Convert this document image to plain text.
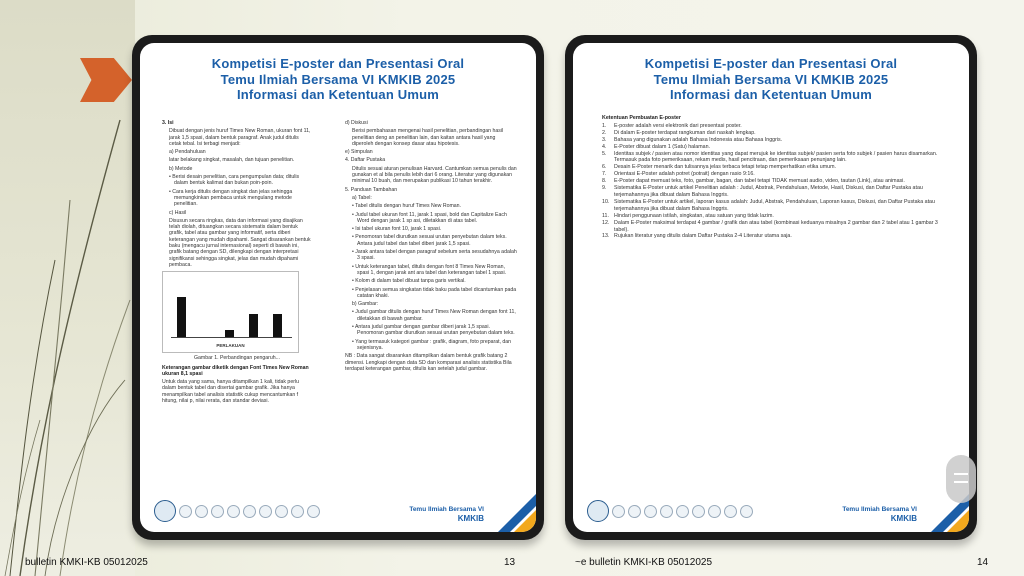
Kompetisi E-poster dan Presentasi Oral
Temu Ilmiah Bersama VI KMKIB 2025
Informasi dan Ketentuan Umum

3. Isi

Dibuat dengan jenis huruf Times New Roman, ukuran font 11, jarak 1,5 spasi, dalam bentuk paragraf. Anak judul ditulis cetak tebal. Isi terbagi menjadi:

a) Pendahuluan

latar belakang singkat, masalah, dan tujuan penelitian.

b) Metode

• Berisi desain penelitian, cara pengumpulan data; ditulis dalam bentuk kalimat dan bukan poin-poin.

• Cara kerja ditulis dengan singkat dan jelas sehingga memungkinkan pembaca untuk mengulang metode penelitian.

c) Hasil

Disusun secara ringkas, data dan informasi yang disajikan telah diolah, dituangkan secara sistematis dalam bentuk grafik, tabel atau gambar yang informatif, serta diberi keterangan yang mudah dipahami. Sangat disarankan bentuk baku (mengacu jurnal internasional) seperti di bawah ini, grafik batang dengan SD, dilengkapi dengan interpretasi signifikansi sehingga singkat, jelas dan mudah dipahami pembaca.

PERLAKUAN
Gambar 1. Perbandingan pengaruh...

Keterangan gambar diketik dengan Font Times New Roman ukuran 8,1 spasi

Untuk data yang sama, hanya ditampilkan 1 kali, tidak perlu dalam bentuk tabel dan disertai gambar grafik. Jika hanya menampilkan tabel analisis statistik cukup mencantumkan f hitung, nilai p, nilai rerata, dan standar deviasi.

d) Diskusi

Berisi pembahasan mengenai hasil penelitian, perbandingan hasil penelitian deng an penelitian lain, dan kaitan antara hasil yang diperoleh dengan konsep dasar atau hipotesis.

e) Simpulan

4. Daftar Pustaka

Ditulis sesuai aturan penulisan Harvard. Cantumkan semua penulis dan gunakan et al bila penulis lebih dari 6 orang. Literatur yang digunakan minimal 10 buah, dan merupakan publikasi 10 tahun terakhir.

5. Panduan Tambahan

a) Tabel:

• Tabel ditulis dengan huruf Times New Roman.

• Judul tabel ukuran font 11, jarak 1 spasi, bold dan Capitalize Each Word dengan jarak 1 sp asi, diletakkan di atas tabel.

• Isi tabel ukuran font 10, jarak 1 spasi.

• Penomoran tabel diurutkan sesuai urutan penyebutan dalam teks. Antara judul tabel dan tabel diberi jarak 1,5 spasi.

• Jarak antara tabel dengan paragraf sebelum serta sesudahnya adalah 3 spasi.

• Untuk keterangan tabel, ditulis dengan font 8 Times New Roman, spasi 1, dengan jarak ant ara tabel dan keterangan tabel 1 spasi.

• Kolom di dalam tabel dibuat tanpa garis vertikal.

• Penjelasan semua singkatan tidak baku pada tabel dicantumkan pada catatan khaki.

b) Gambar:

• Judul gambar ditulis dengan huruf Times New Roman dengan font 11, diletakkan di bawah gambar.

• Antara judul gambar dengan gambar diberi jarak 1,5 spasi. Penomoran gambar diurutkan sesuai urutan penyebutan dalam teks.

• Yang termasuk kategori gambar : grafik, diagram, foto preparat, dan sejenisnya.

NB : Data sangat disarankan ditampilkan dalam bentuk grafik batang 2 dimensi. Lengkapi dengan data SD dan komparasi analisis statistika Bila terdapat keterangan gambar, ditulis kan setelah judul gambar.

Temu Ilmiah Bersama VI
KMKIB
Kompetisi E-poster dan Presentasi Oral
Temu Ilmiah Bersama VI KMKIB 2025
Informasi dan Ketentuan Umum
Ketentuan Pembuatan E-poster
1. E-poster adalah versi elektronik dari presentasi poster.
2. Di dalam E-poster terdapat rangkuman dari naskah lengkap.
3. Bahasa yang digunakan adalah Bahasa Indonesia atau Bahasa Inggris.
4. E-Poster dibuat dalam 1 (Satu) halaman.
5. Identitas subjek / pasien atau nomor identitas yang dapat merujuk ke identitas subjek/ pasien serta foto subjek / pasien harus disamarkan. Termasuk pada foto pemeriksaan, rekam medis, hasil pencitraan, dan pemeriksaan penunjang lain.
6. Desain E-Poster menarik dan tulisannya jelas terbaca tetapi tetap memperhatikan etika umum.
7. Orientasi E-Poster adalah potret (potrait) dengan rasio 9:16.
8. E-Poster dapat memuat teks, foto, gambar, bagan, dan tabel tetapi TIDAK memuat audio, video, tautan (Link), atau animasi.
9. Sistematika E-Poster untuk artikel Penelitian adalah : Judul, Abstrak, Pendahuluan, Metode, Hasil, Diskusi, dan Daftar Pustaka atau terjemahannya jika dibuat dalam Bahasa Inggris.
10. Sistematika E-Poster untuk artikel, laporan kasus adalah: Judul, Abstrak, Pendahuluan, Laporan kasus, Diskusi, dan Daftar Pustaka atau terjemahannya jika dibuat dalam Bahasa Inggris.
11. Hindari penggunaan istilah, singkatan, atau satuan yang tidak lazim.
12. Dalam E-Poster maksimal terdapat 4 gambar / grafik dan atau tabel (kombinasi keduanya misalnya 2 gambar dan 2 tabel atau 1 gambar 3 tabel).
13. Rujukan literatur yang ditulis dalam Daftar Pustaka 2-4 Literatur utama saja.
Temu Ilmiah Bersama VI
KMKIB
bulletin KMKI-KB 05012025	13	~e bulletin KMKI-KB 05012025	14
